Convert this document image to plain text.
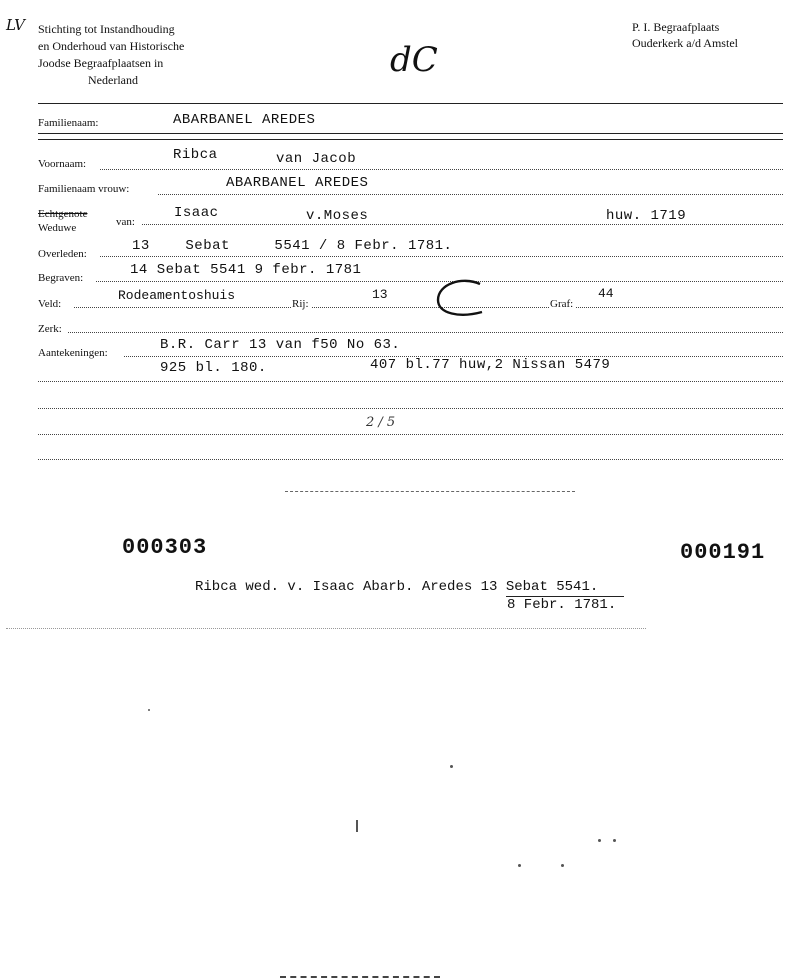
LV Stichting tot Instandhouding
en Onderhoud van Historische
Joodse Begraafplaatsen in
Nederland	dC
P. I. Begraafplaats
Ouderkerk a/d Amstel
Familienaam:	ABARBANEL AREDES
Voornaam:
Ribca	van Jacob
Familienaam vrouw:	ABARBANEL AREDES
Echtgenote
Weduwe	van:
Isaac	v.Moses	huw. 1719
Overleden:	13    Sebat     5541 / 8 Febr. 1781.
Begraven:	14 Sebat 5541 9 febr. 1781
Veld:
Rodeamentoshuis
Rij:
13
Graf:
44
Zerk:
Aantekeningen:	B.R. Carr 13 van f50 No 63.
925 bl. 180.	407 bl.77 huw,2 Nissan 5479
2 / 5
000303	000191
Ribca wed. v. Isaac Abarb. Aredes 13 Sebat 5541.
8 Febr. 1781.
